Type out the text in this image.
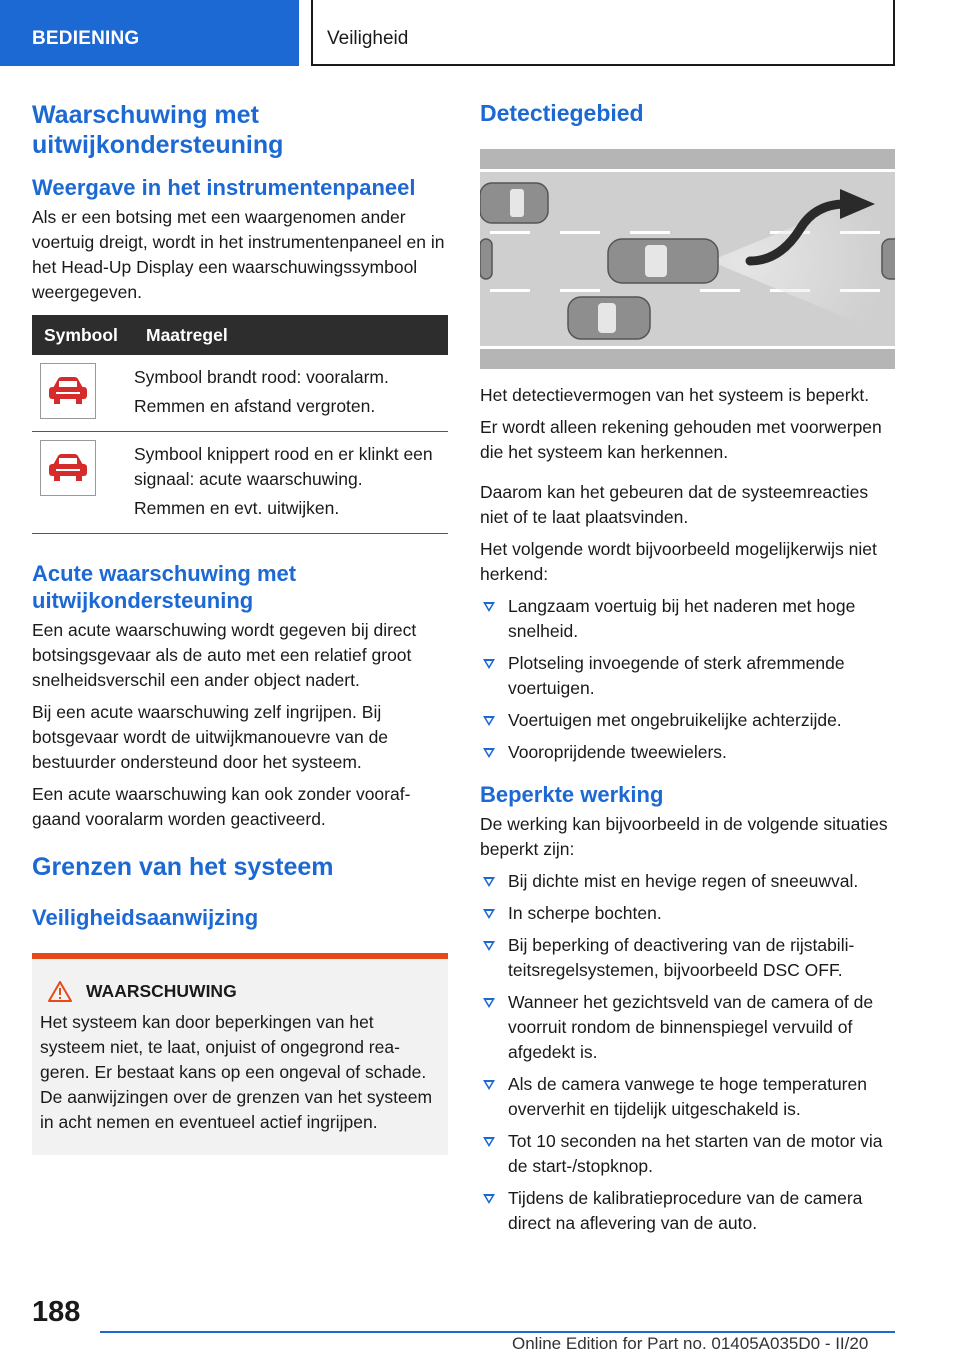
BEDIENING	Veiligheid
Waarschuwing met uitwijkondersteuning
Weergave in het instrumentenpaneel
Als er een botsing met een waargenomen ander voertuig dreigt, wordt in het instrumentenpaneel en in het Head-Up Display een waarschuwingssymbool weergegeven.
Symbool	Maatregel

Symbool brandt rood: vooralarm.
Remmen en afstand vergroten.

Symbool knippert rood en er klinkt een signaal: acute waarschuwing.
Remmen en evt. uitwijken.
Acute waarschuwing met uitwijkondersteuning
Een acute waarschuwing wordt gegeven bij direct botsingsgevaar als de auto met een relatief groot snelheidsverschil een ander object nadert.
Bij een acute waarschuwing zelf ingrijpen. Bij botsgevaar wordt de uitwijkmanouevre van de bestuurder ondersteund door het systeem.
Een acute waarschuwing kan ook zonder voorafgaand vooralarm worden geactiveerd.
Grenzen van het systeem
Veiligheidsaanwijzing
WAARSCHUWING
Het systeem kan door beperkingen van het systeem niet, te laat, onjuist of ongegrond reageren. Er bestaat kans op een ongeval of schade. De aanwijzingen over de grenzen van het systeem in acht nemen en eventueel actief ingrijpen.
Detectiegebied
Het detectievermogen van het systeem is beperkt.
Er wordt alleen rekening gehouden met voorwerpen die het systeem kan herkennen.
Daarom kan het gebeuren dat de systeemreacties niet of te laat plaatsvinden.
Het volgende wordt bijvoorbeeld mogelijkerwijs niet herkend:
Langzaam voertuig bij het naderen met hoge snelheid.
Plotseling invoegende of sterk afremmende voertuigen.
Voertuigen met ongebruikelijke achterzijde.
Vooroprijdende tweewielers.
Beperkte werking
De werking kan bijvoorbeeld in de volgende situaties beperkt zijn:
Bij dichte mist en hevige regen of sneeuwval.
In scherpe bochten.
Bij beperking of deactivering van de rijstabiliteitsregelsystemen, bijvoorbeeld DSC OFF.
Wanneer het gezichtsveld van de camera of de voorruit rondom de binnenspiegel vervuild of afgedekt is.
Als de camera vanwege te hoge temperaturen oververhit en tijdelijk uitgeschakeld is.
Tot 10 seconden na het starten van de motor via de start-/stopknop.
Tijdens de kalibratieprocedure van de camera direct na aflevering van de auto.
188
Online Edition for Part no. 01405A035D0 - II/20
